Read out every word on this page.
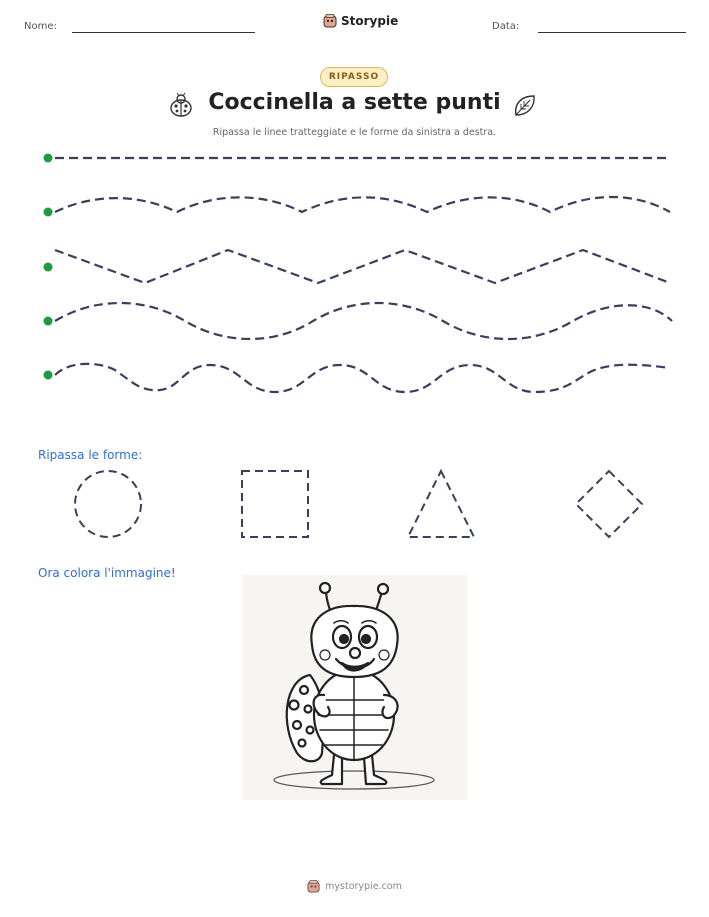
Nome:	Storypie	Data:
RIPASSO
Coccinella a sette punti
Ripassa le linee tratteggiate e le forme da sinistra a destra.
Ripassa le forme:
Ora colora l'immagine!
mystorypie.com
